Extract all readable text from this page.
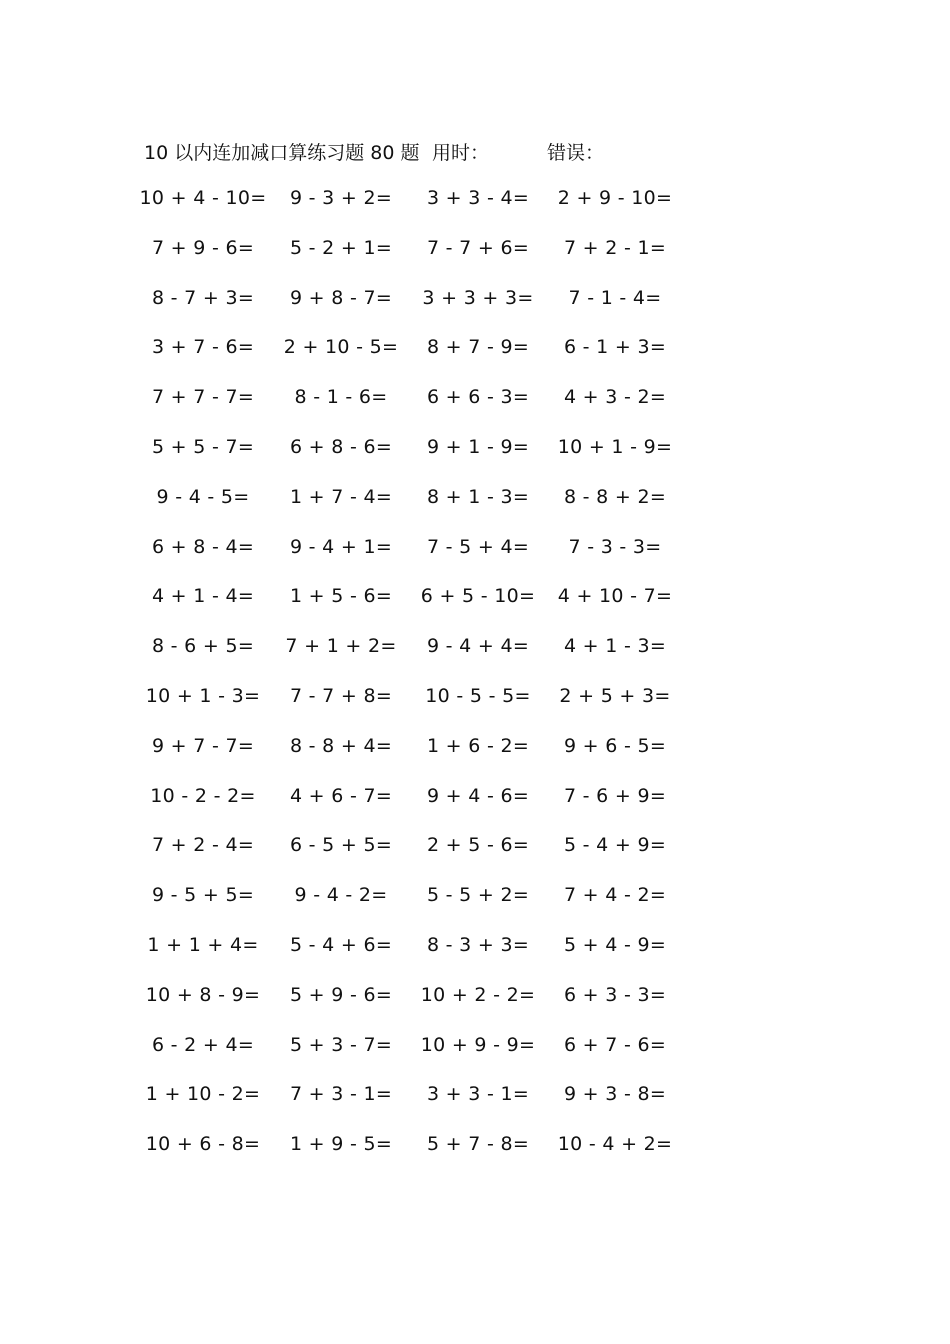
10 以内连加减口算练习题 80 题 用时：	错误：
10 + 4 - 10=	9 - 3 + 2=	3 + 3 - 4=	2 + 9 - 10=
7 + 9 - 6=	5 - 2 + 1=	7 - 7 + 6=	7 + 2 - 1=
8 - 7 + 3=	9 + 8 - 7=	3 + 3 + 3=	7 - 1 - 4=
3 + 7 - 6=	2 + 10 - 5=	8 + 7 - 9=	6 - 1 + 3=
7 + 7 - 7=	8 - 1 - 6=	6 + 6 - 3=	4 + 3 - 2=
5 + 5 - 7=	6 + 8 - 6=	9 + 1 - 9=	10 + 1 - 9=
9 - 4 - 5=	1 + 7 - 4=	8 + 1 - 3=	8 - 8 + 2=
6 + 8 - 4=	9 - 4 + 1=	7 - 5 + 4=	7 - 3 - 3=
4 + 1 - 4=	1 + 5 - 6=	6 + 5 - 10=	4 + 10 - 7=
8 - 6 + 5=	7 + 1 + 2=	9 - 4 + 4=	4 + 1 - 3=
10 + 1 - 3=	7 - 7 + 8=	10 - 5 - 5=	2 + 5 + 3=
9 + 7 - 7=	8 - 8 + 4=	1 + 6 - 2=	9 + 6 - 5=
10 - 2 - 2=	4 + 6 - 7=	9 + 4 - 6=	7 - 6 + 9=
7 + 2 - 4=	6 - 5 + 5=	2 + 5 - 6=	5 - 4 + 9=
9 - 5 + 5=	9 - 4 - 2=	5 - 5 + 2=	7 + 4 - 2=
1 + 1 + 4=	5 - 4 + 6=	8 - 3 + 3=	5 + 4 - 9=
10 + 8 - 9=	5 + 9 - 6=	10 + 2 - 2=	6 + 3 - 3=
6 - 2 + 4=	5 + 3 - 7=	10 + 9 - 9=	6 + 7 - 6=
1 + 10 - 2=	7 + 3 - 1=	3 + 3 - 1=	9 + 3 - 8=
10 + 6 - 8=	1 + 9 - 5=	5 + 7 - 8=	10 - 4 + 2=
